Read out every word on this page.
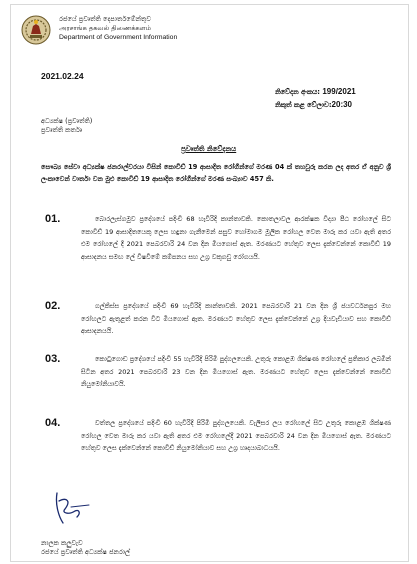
රජයේ ප්‍රවෘත්ති දෙපාර්තමේන්තුව
அரசாங்க தகவல் திணைக்களம்
Department of Government Information
2021.02.24
නිවේදන අංකය: 199/2021
නිකුත් කළ වේලාව:20:30
අධ්‍යක්ෂ (ප්‍රවෘත්ති)
ප්‍රවෘත්ති කර්තෘ
ප්‍රවෘත්ති නිවේදනය
සෞඛ්‍ය සේවා අධ්‍යක්ෂ ජනරාල්වරයා විසින් කොවිඩ් 19 ආසාදිත රෝගීන්ගේ මරණ 04 ක් තහවුරු කරන ලද අතර ඒ අනුව ශ්‍රී ලංකාවෙන් වාර්තා වන මුළු කොවිඩ් 19 ආසාදිත රෝගීන්ගේ මරණ සංඛ්‍යාව 457 කි.
01.	බොරලැස්ගමුව ප්‍රදේශයේ පදිංචි 68 හැවිරිදි කාන්තාවකි. කොතලාවල ආරක්ෂක විද්‍යා පීඨ රෝහලේ සිට කොවිඩ් 19 ආසාදිතයෙකු ලෙස හඳුනා ගැනීමෙන් පසුව හෝමාගම මූලික රෝහල වෙත මාරු කර යවා ඇති අතර එම රෝහලේ දී 2021 පෙබරවාරි 24 වන දින මියගොස් ඇත. මරණයට හේතුව ලෙස දැක්වෙන්නේ කොවිඩ් 19 ආසාදනය සමඟ ලේ විෂවීමේ කම්පනය සහ උග්‍ර වකුගඩු රෝගයයි.
02.	ගල්කිස්ස ප්‍රදේශයේ පදිංචි 69 හැවිරිදි කාන්තාවකි. 2021 පෙබරවාරි 21 වන දින ශ්‍රී ජයවර්ධනපුර මහ රෝහලට ඇතුළත් කරන විට මියගොස් ඇත. මරණයට හේතුව ලෙස දැක්වෙන්නේ උග්‍ර දියවැඩියාව සහ කොවිඩ් ආසාදනයයි.
03.	කොටුගොඩ ප්‍රදේශයේ පදිංචි 55 හැවිරිදි පිරිමි පුද්ගලයෙකි. උතුරු කොළඹ ශික්ෂණ රෝහලේ ප්‍රතිකාර ලබමින් සිටින අතර 2021 පෙබරවාරි 23 වන දින මියගොස් ඇත. මරණයට හේතුව ලෙස දැක්වෙන්නේ කොවිඩ් නියුමෝනියාවයි.
04.	වත්තල ප්‍රදේශයේ පදිංචි 60 හැවිරිදි පිරිමි පුද්ගලයෙකි. වැලිසර ලය රෝහලේ සිට උතුරු කොළඹ ශික්ෂණ රෝහල වෙත මාරු කර යවා ඇති අතර එම රෝහලේදී 2021 පෙබරවාරි 24 වන දින මියගොස් ඇත. මරණයට හේතුව ලෙස දැක්වෙන්නේ කොවිඩ් නියුමෝනියාව සහ උග්‍ර හෘදයාබාධයයි.
නාලක කලුවැව
රජයේ ප්‍රවෘත්ති අධ්‍යක්ෂ ජනරාල්
